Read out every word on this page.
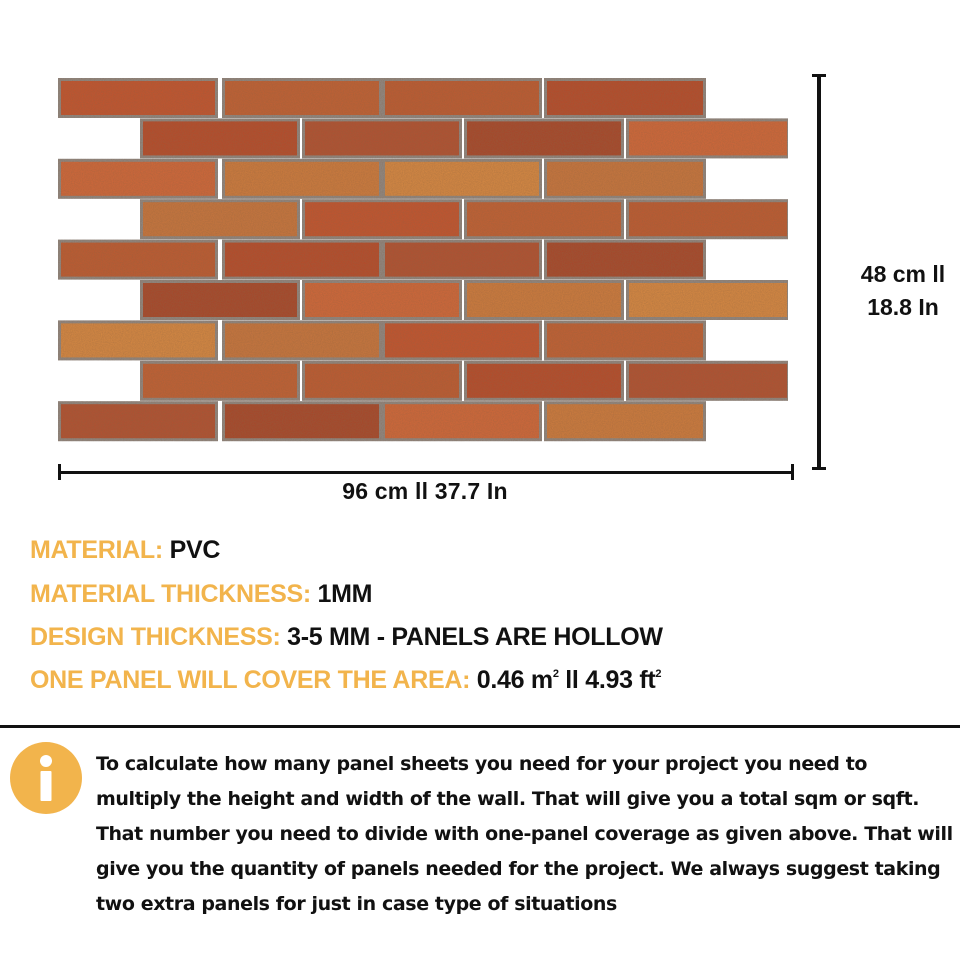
96 cm ll 37.7 In
48 cm ll
18.8 In
MATERIAL: PVC
MATERIAL THICKNESS: 1MM
DESIGN THICKNESS: 3-5 MM - PANELS ARE HOLLOW
ONE PANEL WILL COVER THE AREA: 0.46 $m^2$ ll 4.93 $ft^2$
To calculate how many panel sheets you need for your project you need to multiply the height and width of the wall. That will give you a total sqm or sqft. That number you need to divide with one-panel coverage as given above. That will give you the quantity of panels needed for the project. We always suggest taking two extra panels for just in case type of situations
